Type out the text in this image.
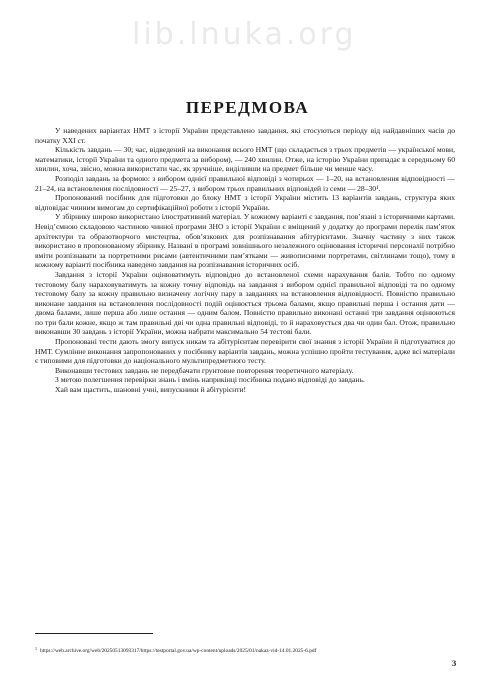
lib.lnuka.org
ПЕРЕДМОВА

У наведених варіантах НМТ з історії України представлено завдання, які стосуються періоду від найдавніших часів до початку XXI ст.

Кількість завдань — 30; час, відведений на виконання всього НМТ (що складається з трьох предметів — української мови, математики, історії України та одного предмета за вибором), — 240 хвилин. Отже, на історію України припадає в середньому 60 хвилин, хоча, звісно, можна використати час, як зручніше, виділивши на предмет більше чи менше часу.

Розподіл завдань за формою: з вибором однієї правильної відповіді з чотирьох — 1–20, на встановлення відповідності — 21–24, на встановлення послідовності — 25–27, з вибором трьох правильних відповідей із семи — 28–30¹.

Пропонований посібник для підготовки до блоку НМТ з історії України містить 13 варіантів завдань, структура яких відповідає чинним вимогам до сертифікаційної роботи з історії України.

У збірнику широко використано ілюстративний матеріал. У кожному варіанті є завдання, пов’язані з історичними картами. Невід’ємною складовою частиною чинної програми ЗНО з історії України є вміщений у додатку до програми перелік пам’яток архітектури та образотворчого мистецтва, обов’язкових для розпізнавання абітурієнтами. Значну частину з них також використано в пропонованому збірнику. Названі в програмі зовнішнього незалежного оцінювання історичні персоналії потрібно вміти розпізнавати за портретними рисами (автентичними пам’ятками — живописними портретами, світлинами тощо), тому в кожному варіанті посібника наведено завдання на розпізнавання історичних осіб.

Завдання з історії України оцінюватимуть відповідно до встановленої схеми нарахування балів. Тобто по одному тестовому балу нараховуватимуть за кожну точну відповідь на завдання з вибором однієї правильної відповіді та по одному тестовому балу за кожну правильно визначену логічну пару в завданнях на встановлення відповідності. Повністю правильно виконане завдання на встановлення послідовності подій оцінюється трьома балами, якщо правильні перша і остання дати — двома балами, лише перша або лише остання — одним балом. Повністю правильно виконані останні три завдання оцінюються по три бали кожне, якщо ж там правильні дві чи одна правильні відповіді, то й нараховується два чи один бал. Отож, правильно виконавши 30 завдань з історії України, можна набрати максимально 54 тестові бали.

Пропоновані тести дають змогу випуск никам та абітурієнтам перевірити свої знання з історії України й підготуватися до НМТ. Сумлінне виконання запропонованих у посібнику варіантів завдань, можна успішно пройти тестування, адже всі матеріали є типовими для підготовки до національного мультипредметного тесту.

Виконавши тестових завдань не передбачати грунтовне повторення теоретичного матеріалу.

З метою полегшення перевірки знань і вмінь наприкінці посібника подано відповіді до завдань.

Хай вам щастить, шановні учні, випускники й абітурієнти!

$^1$ https://web.archive.org/web/20250513093317/https://testportal.gov.ua/wp-content/uploads/2025/01/nakaz-vid-14.01.2025-6.pdf
3
